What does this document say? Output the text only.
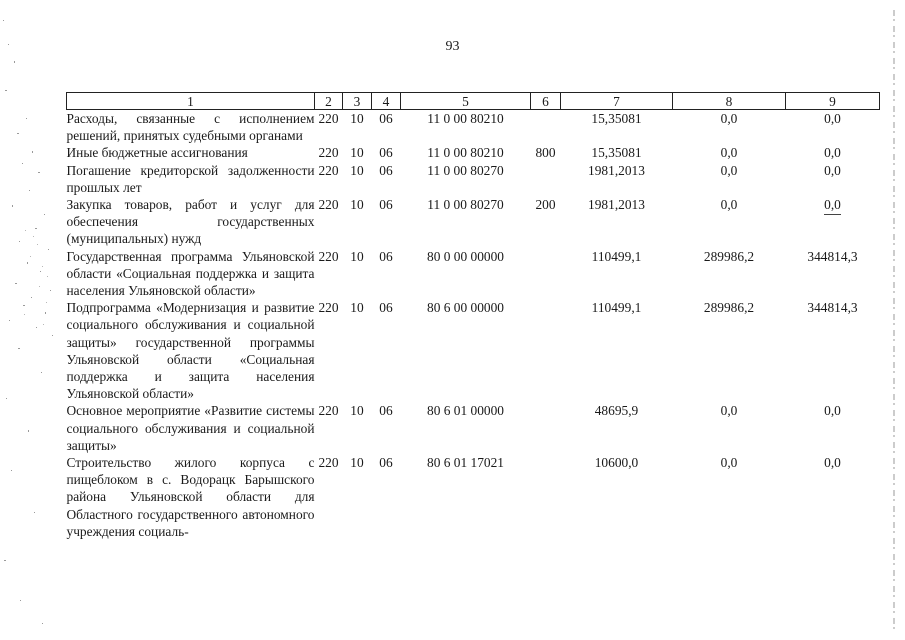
93
1	2	3	4	5	6	7	8	9
Расходы, связанные с исполнением решений, принятых судебными органами	220	10	06	11 0 00 80210		15,35081	0,0	0,0
Иные бюджетные ассигнования	220	10	06	11 0 00 80210	800	15,35081	0,0	0,0
Погашение кредиторской задолженности прошлых лет	220	10	06	11 0 00 80270		1981,2013	0,0	0,0
Закупка товаров, работ и услуг для обеспечения государственных (муниципальных) нужд	220	10	06	11 0 00 80270	200	1981,2013	0,0	0,0
Государственная программа Ульяновской области «Социальная поддержка и защита населения Ульяновской области»	220	10	06	80 0 00 00000		110499,1	289986,2	344814,3
Подпрограмма «Модернизация и развитие социального обслуживания и социальной защиты» государственной программы Ульяновской области «Социальная поддержка и защита населения Ульяновской области»	220	10	06	80 6 00 00000		110499,1	289986,2	344814,3
Основное мероприятие «Развитие системы социального обслуживания и социальной защиты»	220	10	06	80 6 01 00000		48695,9	0,0	0,0
Строительство жилого корпуса с пищеблоком в с. Водорацк Барышского района Ульяновской области для Областного государственного автономного учреждения социаль-	220	10	06	80 6 01 17021		10600,0	0,0	0,0
